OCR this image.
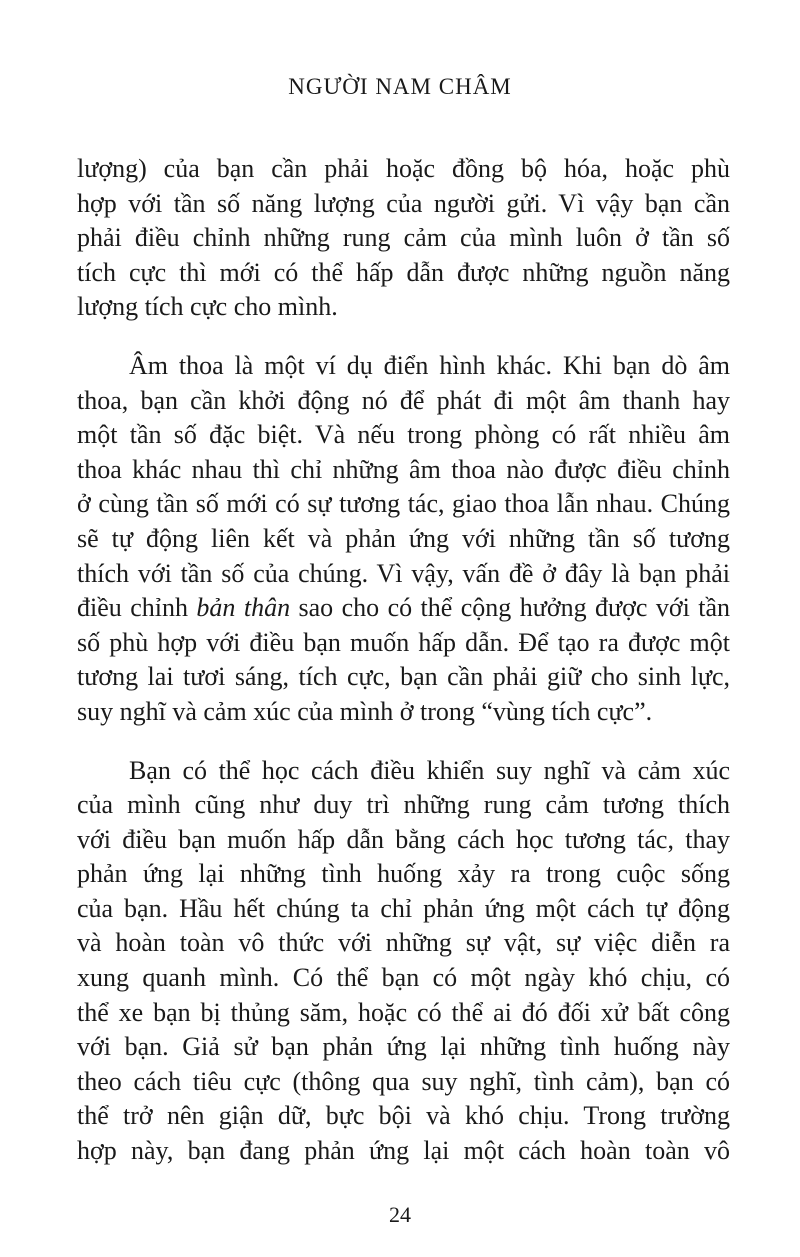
NGƯỜI NAM CHÂM
lượng) của bạn cần phải hoặc đồng bộ hóa, hoặc phù
hợp với tần số năng lượng của người gửi. Vì vậy bạn cần
phải điều chỉnh những rung cảm của mình luôn ở tần số
tích cực thì mới có thể hấp dẫn được những nguồn năng
lượng tích cực cho mình.
Âm thoa là một ví dụ điển hình khác. Khi bạn dò âm
thoa, bạn cần khởi động nó để phát đi một âm thanh hay
một tần số đặc biệt. Và nếu trong phòng có rất nhiều âm
thoa khác nhau thì chỉ những âm thoa nào được điều chỉnh
ở cùng tần số mới có sự tương tác, giao thoa lẫn nhau. Chúng
sẽ tự động liên kết và phản ứng với những tần số tương
thích với tần số của chúng. Vì vậy, vấn đề ở đây là bạn phải
điều chỉnh bản thân sao cho có thể cộng hưởng được với tần
số phù hợp với điều bạn muốn hấp dẫn. Để tạo ra được một
tương lai tươi sáng, tích cực, bạn cần phải giữ cho sinh lực,
suy nghĩ và cảm xúc của mình ở trong “vùng tích cực”.
Bạn có thể học cách điều khiển suy nghĩ và cảm xúc
của mình cũng như duy trì những rung cảm tương thích
với điều bạn muốn hấp dẫn bằng cách học tương tác, thay
phản ứng lại những tình huống xảy ra trong cuộc sống
của bạn. Hầu hết chúng ta chỉ phản ứng một cách tự động
và hoàn toàn vô thức với những sự vật, sự việc diễn ra
xung quanh mình. Có thể bạn có một ngày khó chịu, có
thể xe bạn bị thủng săm, hoặc có thể ai đó đối xử bất công
với bạn. Giả sử bạn phản ứng lại những tình huống này
theo cách tiêu cực (thông qua suy nghĩ, tình cảm), bạn có
thể trở nên giận dữ, bực bội và khó chịu. Trong trường
hợp này, bạn đang phản ứng lại một cách hoàn toàn vô
24
